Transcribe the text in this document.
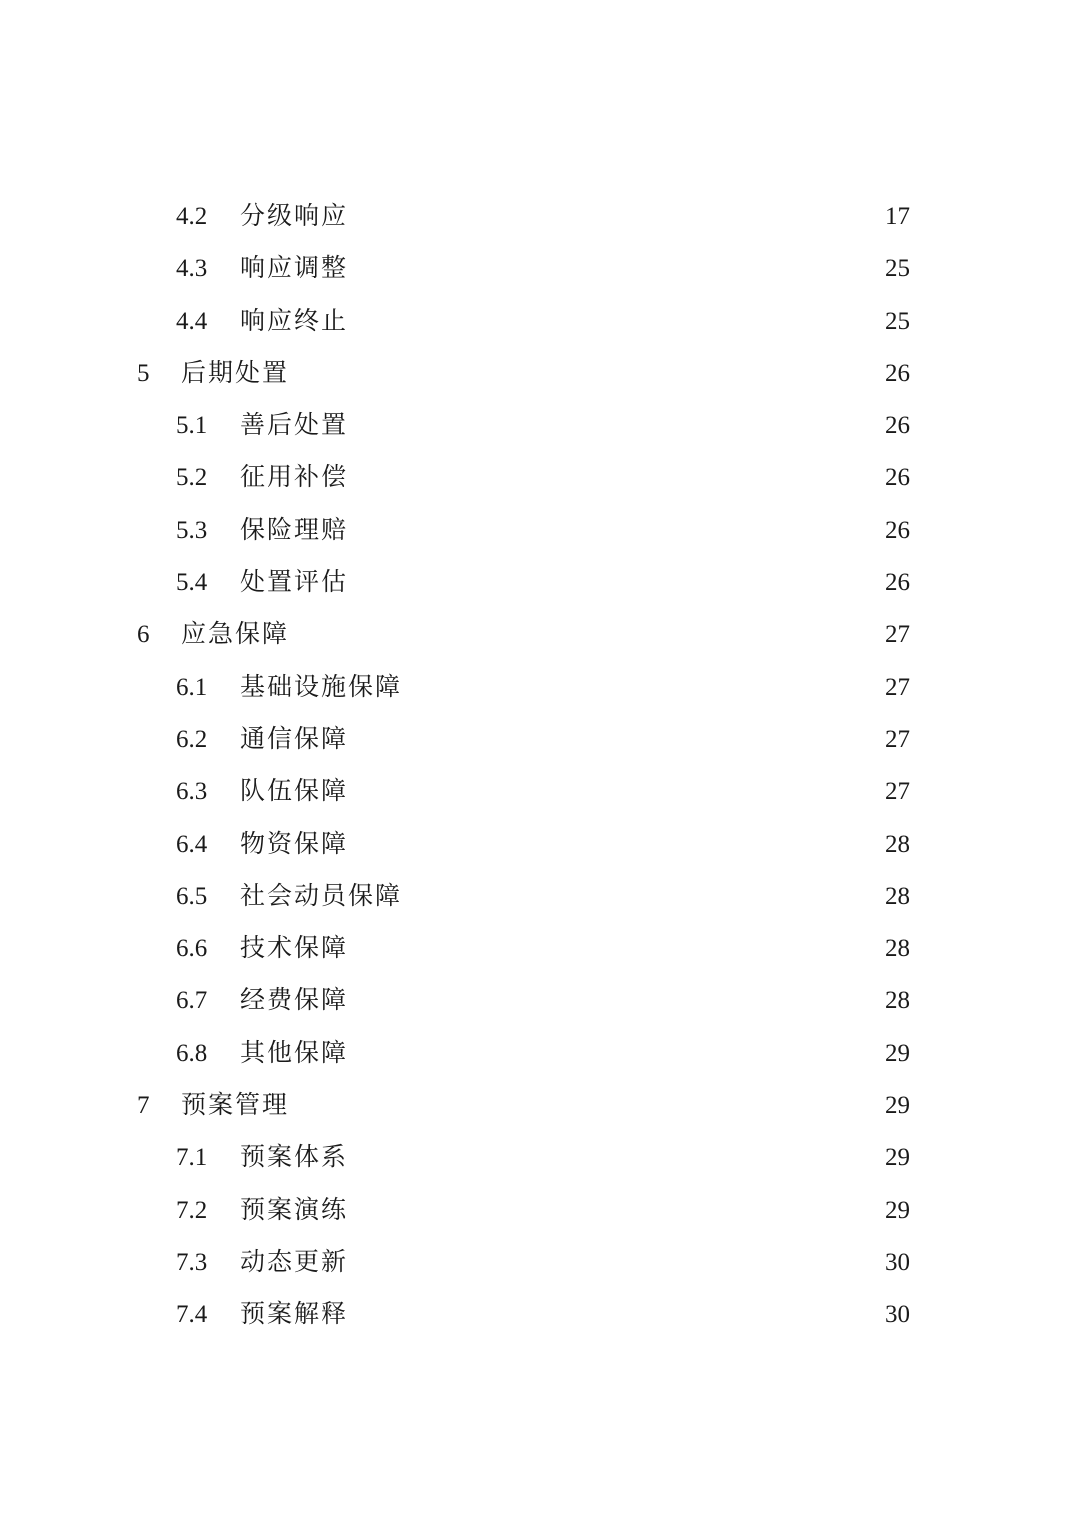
4.2	分级响应 .....	17
4.3	响应调整 .....	25
4.4	响应终止 .....	25
5	后期处置 .....	26
5.1	善后处置 .....	26
5.2	征用补偿 .....	26
5.3	保险理赔 .....	26
5.4	处置评估 .....	26
6	应急保障 .....	27
6.1	基础设施保障 .....	27
6.2	通信保障 .....	27
6.3	队伍保障 .....	27
6.4	物资保障 .....	28
6.5	社会动员保障 .....	28
6.6	技术保障 .....	28
6.7	经费保障 .....	28
6.8	其他保障 .....	29
7	预案管理 .....	29
7.1	预案体系 .....	29
7.2	预案演练 .....	29
7.3	动态更新 .....	30
7.4	预案解释 .....	30
